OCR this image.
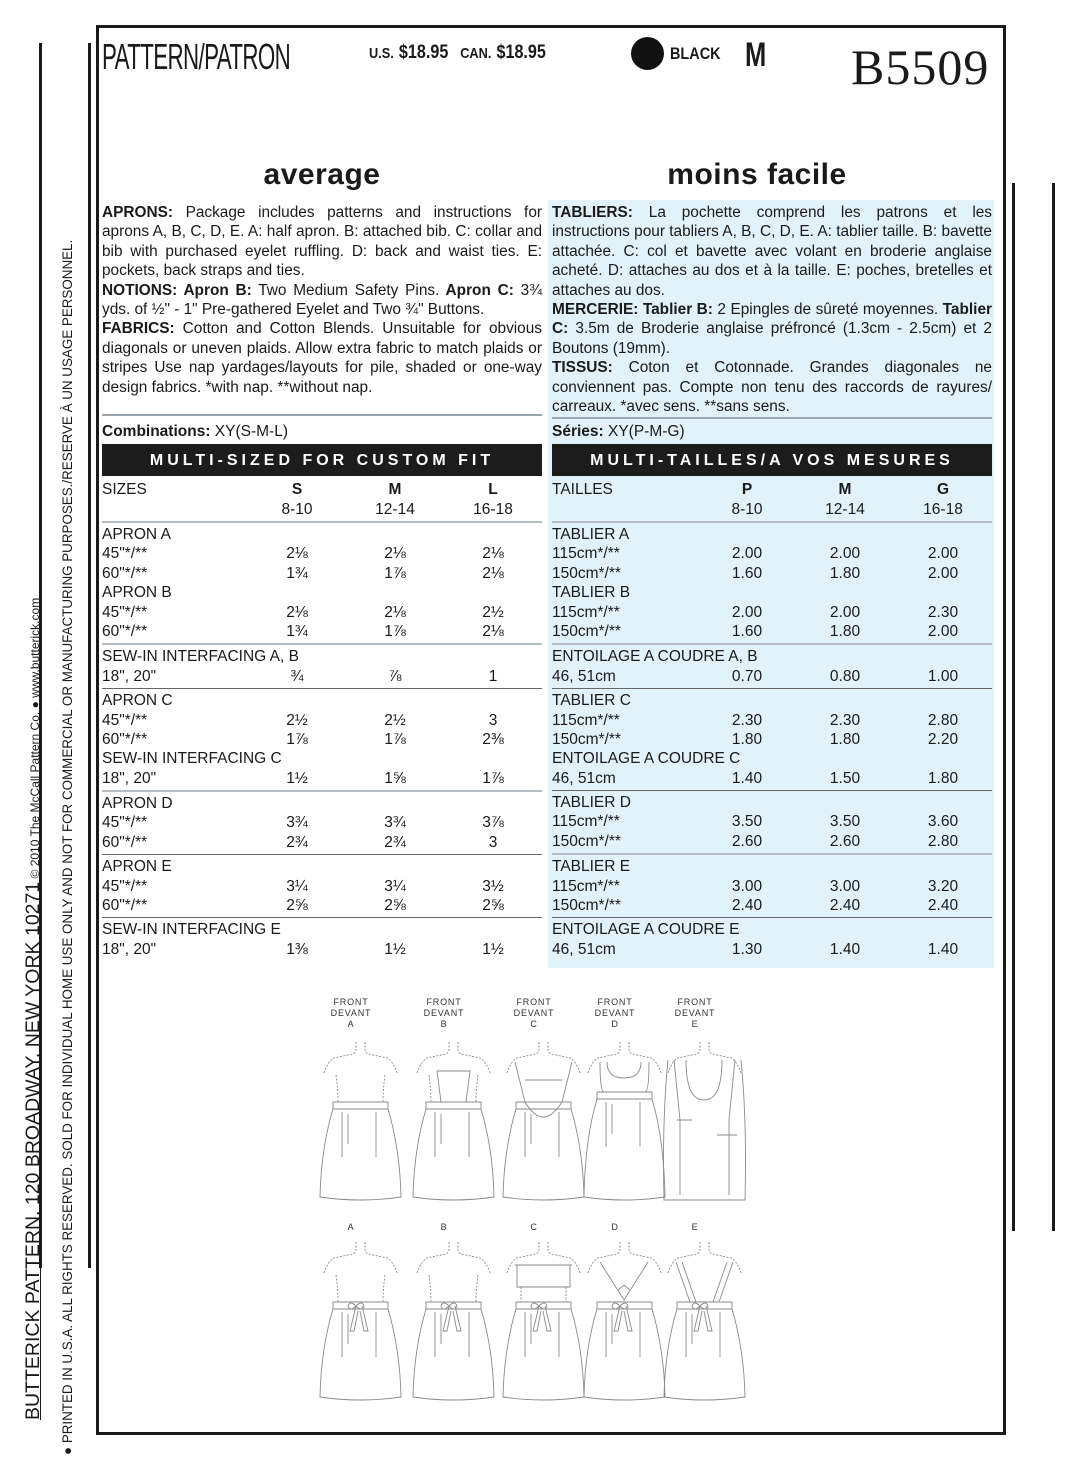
BUTTERICK PATTERN, 120 BROADWAY, NEW YORK 10271 © 2010 The McCall Pattern Co. ● www.butterick.com
● PRINTED IN U.S.A. ALL RIGHTS RESERVED. SOLD FOR INDIVIDUAL HOME USE ONLY AND NOT FOR COMMERCIAL OR MANUFACTURING PURPOSES./RESERVE À UN USAGE PERSONNEL.
PATTERN/PATRON	U.S. $18.95 CAN. $18.95	BLACK M B5509
average	moins facile

APRONS: Package includes patterns and instructions for aprons A, B, C, D, E. A: half apron. B: attached bib. C: collar and bib with purchased eyelet ruffling. D: back and waist ties. E: pockets, back straps and ties.

NOTIONS: Apron B: Two Medium Safety Pins. Apron C: 3¾ yds. of ½" - 1" Pre-gathered Eyelet and Two ¾" Buttons.

FABRICS: Cotton and Cotton Blends. Unsuitable for obvious diagonals or uneven plaids. Allow extra fabric to match plaids or stripes Use nap yardages/layouts for pile, shaded or one-way design fabrics. *with nap. **without nap.

TABLIERS: La pochette comprend les patrons et les instructions pour tabliers A, B, C, D, E. A: tablier taille. B: bavette attachée. C: col et bavette avec volant en broderie anglaise acheté. D: attaches au dos et à la taille. E: poches, bretelles et attaches au dos.

MERCERIE: Tablier B: 2 Epingles de sûreté moyennes. Tablier C: 3.5m de Broderie anglaise préfroncé (1.3cm - 2.5cm) et 2 Boutons (19mm).

TISSUS: Coton et Cotonnade. Grandes diagonales ne conviennent pas. Compte non tenu des raccords de rayures/ carreaux. *avec sens. **sans sens.

Combinations: XY(S-M-L)	Séries: XY(P-M-G)
MULTI-SIZED FOR CUSTOM FIT	MULTI-TAILLES/A VOS MESURES
SIZES	S	M	L
8-10	12-14	16-18
APRON A
45"*/**	2⅛	2⅛	2⅛
60"*/**	1¾	1⅞	2⅛
APRON B
45"*/**	2⅛	2⅛	2½
60"*/**	1¾	1⅞	2⅛
SEW-IN INTERFACING A, B
18", 20"	¾	⅞	1
APRON C
45"*/**	2½	2½	3
60"*/**	1⅞	1⅞	2⅜
SEW-IN INTERFACING C
18", 20"	1½	1⅝	1⅞
APRON D
45"*/**	3¾	3¾	3⅞
60"*/**	2¾	2¾	3
APRON E
45"*/**	3¼	3¼	3½
60"*/**	2⅝	2⅝	2⅝
SEW-IN INTERFACING E
18", 20"	1⅜	1½	1½
TAILLES	P	M	G
8-10	12-14	16-18
TABLIER A
115cm*/**	2.00	2.00	2.00
150cm*/**	1.60	1.80	2.00
TABLIER B
115cm*/**	2.00	2.00	2.30
150cm*/**	1.60	1.80	2.00
ENTOILAGE A COUDRE A, B
46, 51cm	0.70	0.80	1.00
TABLIER C
115cm*/**	2.30	2.30	2.80
150cm*/**	1.80	1.80	2.20
ENTOILAGE A COUDRE C
46, 51cm	1.40	1.50	1.80
TABLIER D
115cm*/**	3.50	3.50	3.60
150cm*/**	2.60	2.60	2.80
TABLIER E
115cm*/**	3.00	3.00	3.20
150cm*/**	2.40	2.40	2.40
ENTOILAGE A COUDRE E
46, 51cm	1.30	1.40	1.40
FRONT
DEVANT
A
A
FRONT
DEVANT
B
B
FRONT
DEVANT
C
C
FRONT
DEVANT
D
D
FRONT
DEVANT
E
E
